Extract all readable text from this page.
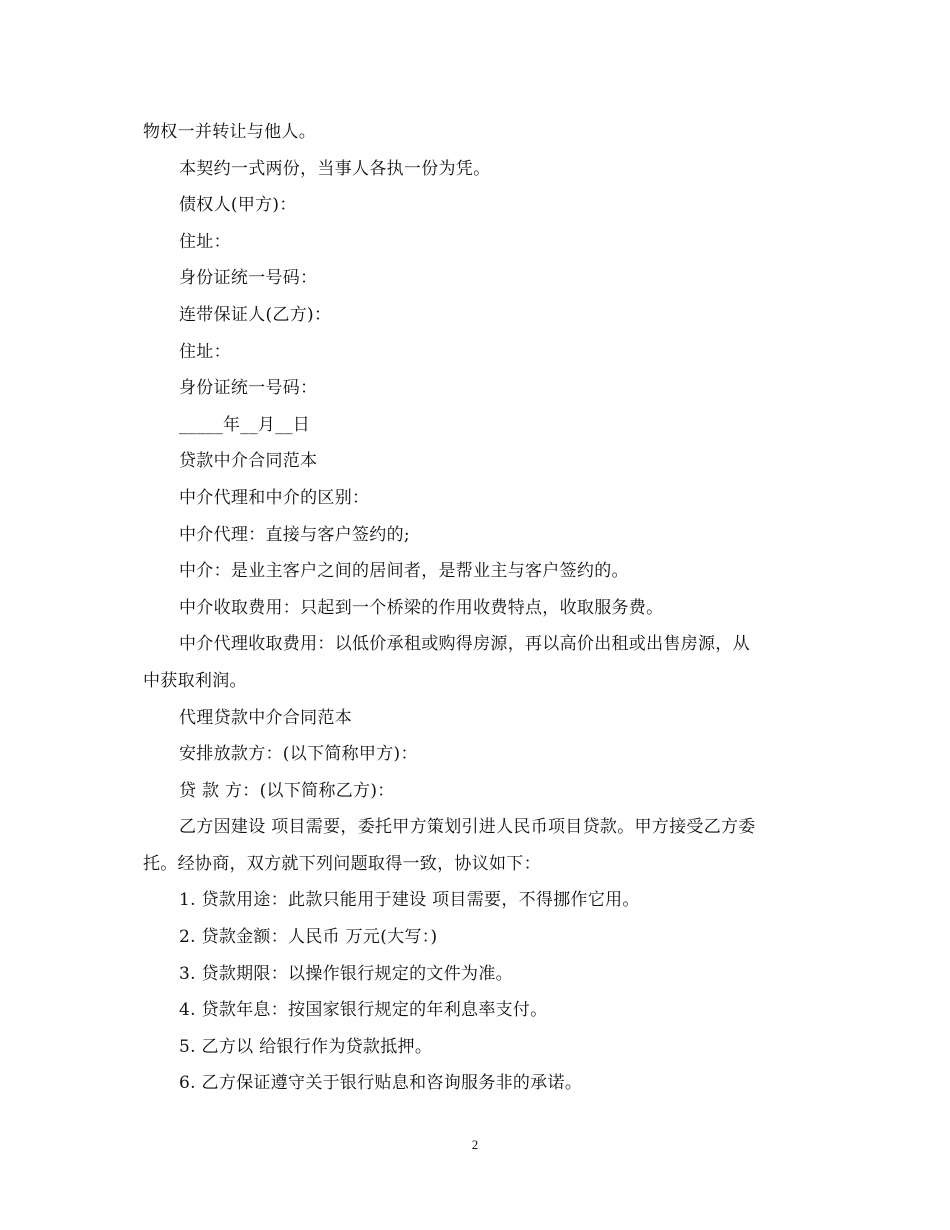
物权一并转让与他人。
本契约一式两份，当事人各执一份为凭。
债权人(甲方)：
住址：
身份证统一号码：
连带保证人(乙方)：
住址：
身份证统一号码：
_____年__月__日
贷款中介合同范本
中介代理和中介的区别：
中介代理：直接与客户签约的;
中介：是业主客户之间的居间者，是帮业主与客户签约的。
中介收取费用：只起到一个桥梁的作用收费特点，收取服务费。
中介代理收取费用：以低价承租或购得房源，再以高价出租或出售房源，从
中获取利润。
代理贷款中介合同范本
安排放款方：(以下简称甲方)：
贷 款 方：(以下简称乙方)：
乙方因建设 项目需要，委托甲方策划引进人民币项目贷款。甲方接受乙方委
托。经协商，双方就下列问题取得一致，协议如下：
1. 贷款用途：此款只能用于建设 项目需要，不得挪作它用。
2. 贷款金额：人民币 万元(大写：)
3. 贷款期限：以操作银行规定的文件为准。
4. 贷款年息：按国家银行规定的年利息率支付。
5. 乙方以 给银行作为贷款抵押。
6. 乙方保证遵守关于银行贴息和咨询服务非的承诺。
2
